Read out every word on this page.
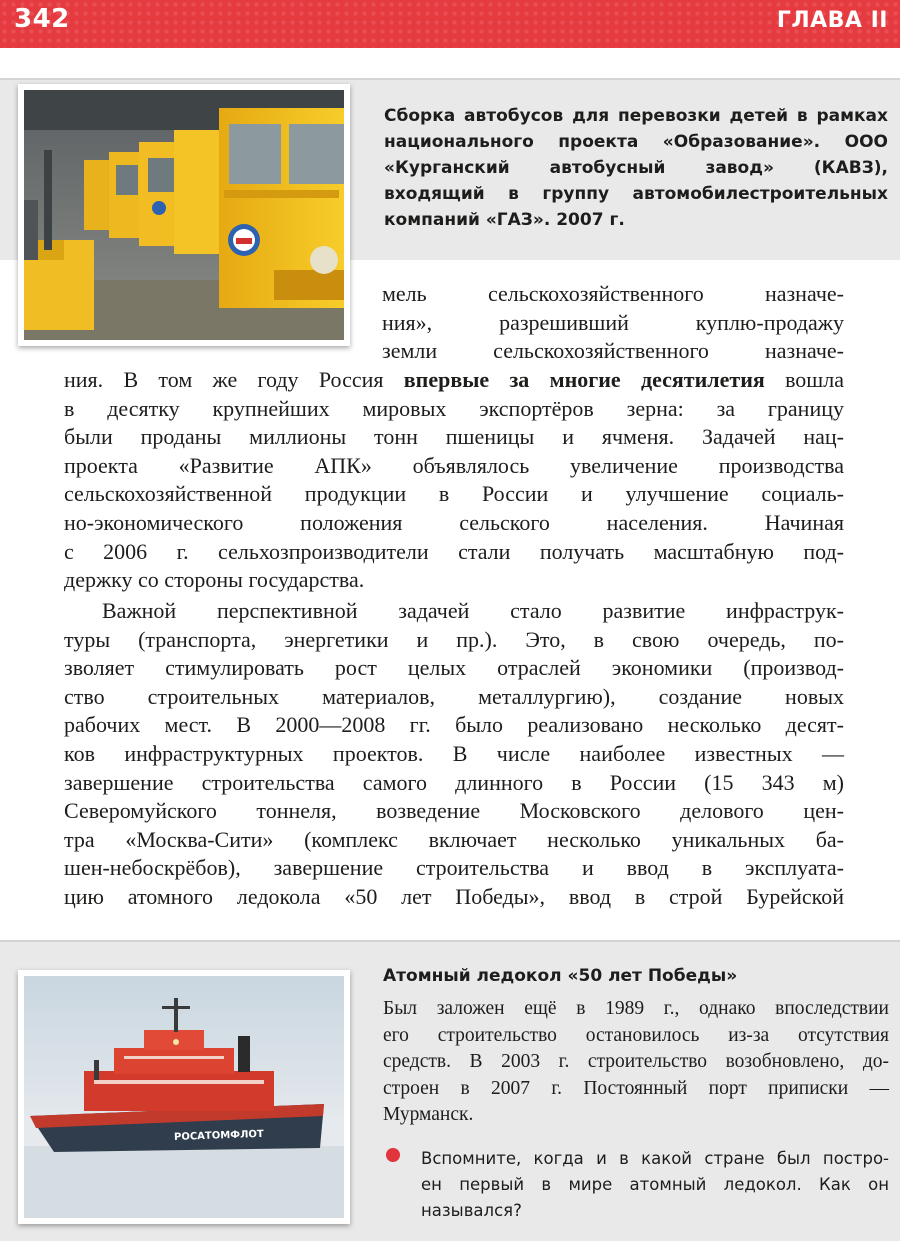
342	ГЛАВА II
Сборка автобусов для перевозки детей в рамках национального проекта «Образование». ООО «Курганский автобусный завод» (КАВЗ), входящий в группу автомобилестроительных компаний «ГАЗ». 2007 г.
мель сельскохозяйственного назначе-
ния», разрешивший куплю-продажу
земли сельскохозяйственного назначе-
ния. В том же году Россия впервые за многие десятилетия вошла
в десятку крупнейших мировых экспортёров зерна: за границу
были проданы миллионы тонн пшеницы и ячменя. Задачей нац-
проекта «Развитие АПК» объявлялось увеличение производства
сельскохозяйственной продукции в России и улучшение социаль-
но-экономического положения сельского населения. Начиная
с 2006 г. сельхозпроизводители стали получать масштабную под-
держку со стороны государства.
Важной перспективной задачей стало развитие инфраструк-
туры (транспорта, энергетики и пр.). Это, в свою очередь, по-
зволяет стимулировать рост целых отраслей экономики (производ-
ство строительных материалов, металлургию), создание новых
рабочих мест. В 2000—2008 гг. было реализовано несколько десят-
ков инфраструктурных проектов. В числе наиболее известных —
завершение строительства самого длинного в России (15 343 м)
Северомуйского тоннеля, возведение Московского делового цен-
тра «Москва-Сити» (комплекс включает несколько уникальных ба-
шен-небоскрёбов), завершение строительства и ввод в эксплуата-
цию атомного ледокола «50 лет Победы», ввод в строй Бурейской
РОСАТОМФЛОТ
Атомный ледокол «50 лет Победы»
Был заложен ещё в 1989 г., однако впоследствии
его строительство остановилось из-за отсутствия
средств. В 2003 г. строительство возобновлено, до-
строен в 2007 г. Постоянный порт приписки —
Мурманск.
Вспомните, когда и в какой стране был постро-
ен первый в мире атомный ледокол. Как он
назывался?
